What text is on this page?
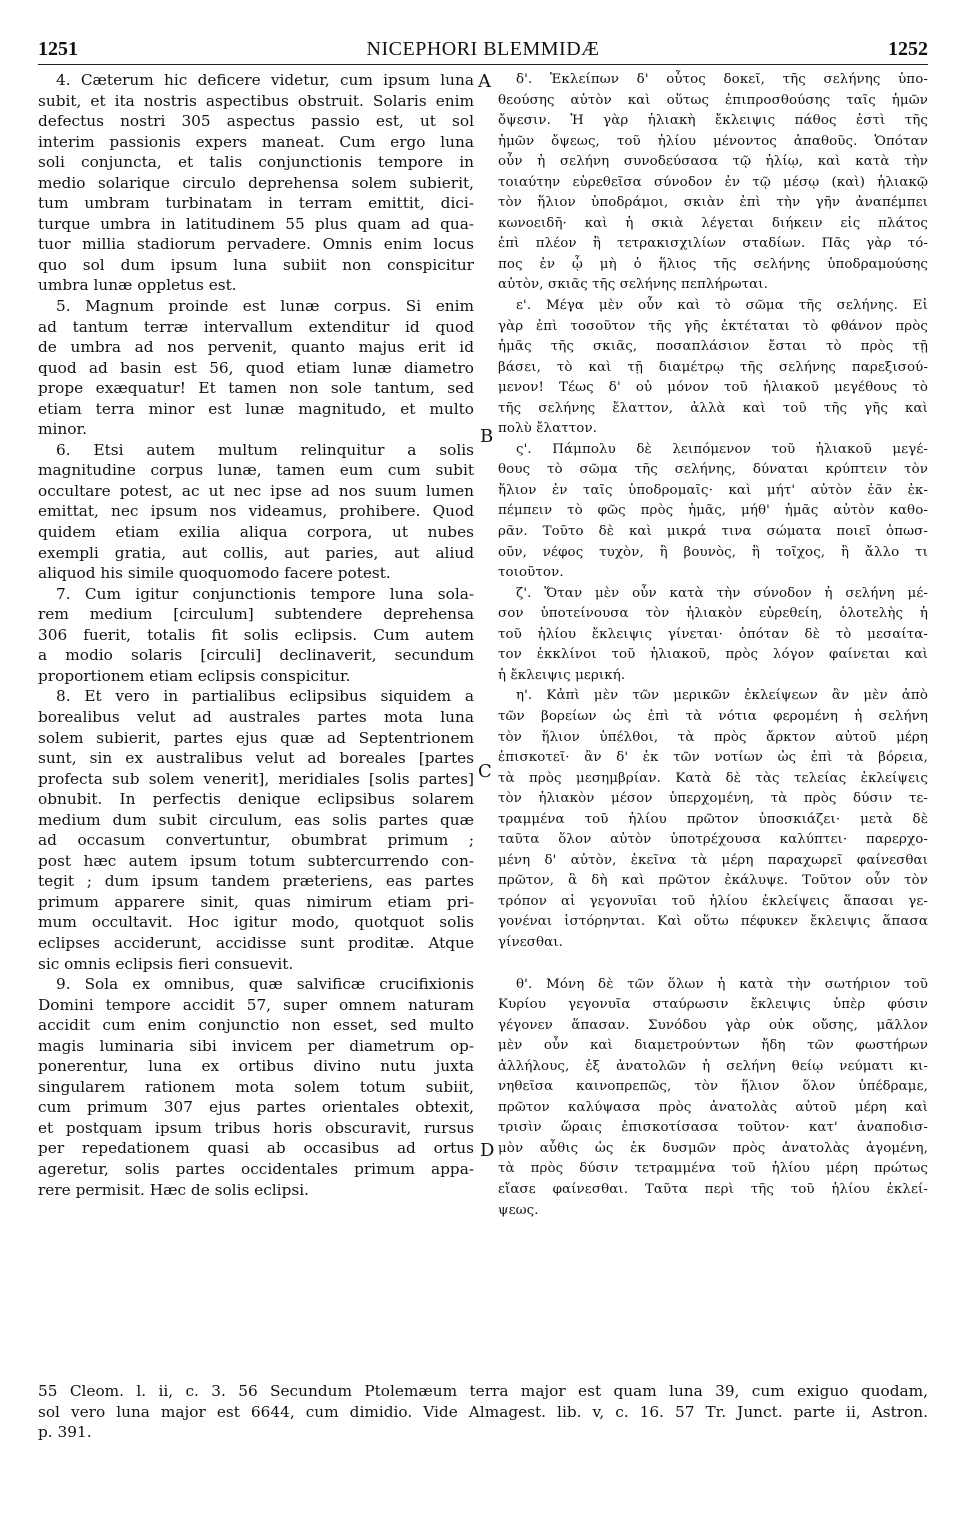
1251	NICEPHORI BLEMMIDÆ	1252
4. Cæterum hic deficere videtur, cum ipsum luna
subit, et ita nostris aspectibus obstruit. Solaris enim
defectus nostri 305 aspectus passio est, ut sol
interim passionis expers maneat. Cum ergo luna
soli conjuncta, et talis conjunctionis tempore in
medio solarique circulo deprehensa solem subierit,
tum umbram turbinatam in terram emittit, dici-
turque umbra in latitudinem 55 plus quam ad qua-
tuor millia stadiorum pervadere. Omnis enim locus
quo sol dum ipsum luna subiit non conspicitur
umbra lunæ oppletus est.
5. Magnum proinde est lunæ corpus. Si enim
ad tantum terræ intervallum extenditur id quod
de umbra ad nos pervenit, quanto majus erit id
quod ad basin est 56, quod etiam lunæ diametro
prope exæquatur! Et tamen non sole tantum, sed
etiam terra minor est lunæ magnitudo, et multo
minor.
6. Etsi autem multum relinquitur a solis
magnitudine corpus lunæ, tamen eum cum subit
occultare potest, ac ut nec ipse ad nos suum lumen
emittat, nec ipsum nos videamus, prohibere. Quod
quidem etiam exilia aliqua corpora, ut nubes
exempli gratia, aut collis, aut paries, aut aliud
aliquod his simile quoquomodo facere potest.
7. Cum igitur conjunctionis tempore luna sola-
rem medium [circulum] subtendere deprehensa
306 fuerit, totalis fit solis eclipsis. Cum autem
a modio solaris [circuli] declinaverit, secundum
proportionem etiam eclipsis conspicitur.
8. Et vero in partialibus eclipsibus siquidem a
borealibus velut ad australes partes mota luna
solem subierit, partes ejus quæ ad Septentrionem
sunt, sin ex australibus velut ad boreales [partes
profecta sub solem venerit], meridiales [solis partes]
obnubit. In perfectis denique eclipsibus solarem
medium dum subit circulum, eas solis partes quæ
ad occasum convertuntur, obumbrat primum ;
post hæc autem ipsum totum subtercurrendo con-
tegit ; dum ipsum tandem præteriens, eas partes
primum apparere sinit, quas nimirum etiam pri-
mum occultavit. Hoc igitur modo, quotquot solis
eclipses acciderunt, accidisse sunt proditæ. Atque
sic omnis eclipsis fieri consuevit.
9. Sola ex omnibus, quæ salvificæ crucifixionis
Domini tempore accidit 57, super omnem naturam
accidit cum enim conjunctio non esset, sed multo
magis luminaria sibi invicem per diametrum op-
ponerentur, luna ex ortibus divino nutu juxta
singularem rationem mota solem totum subiit,
cum primum 307 ejus partes orientales obtexit,
et postquam ipsum tribus horis obscuravit, rursus
per repedationem quasi ab occasibus ad ortus
ageretur, solis partes occidentales primum appa-
rere permisit. Hæc de solis eclipsi.
δ'. Ἐκλείπων δ' οὗτος δοκεῖ, τῆς σελήνης ὑπο-
θεούσης αὐτὸν καὶ οὕτως ἐπιπροσθούσης ταῖς ἡμῶν
ὄψεσιν. Ἡ γὰρ ἡλιακὴ ἔκλειψις πάθος ἐστὶ τῆς
ἡμῶν ὄψεως, τοῦ ἡλίου μένοντος ἀπαθοῦς. Ὁπόταν
οὖν ἡ σελήνη συνοδεύσασα τῷ ἡλίῳ, καὶ κατὰ τὴν
τοιαύτην εὑρεθεῖσα σύνοδον ἐν τῷ μέσῳ (καὶ) ἡλιακῷ
τὸν ἥλιον ὑποδράμοι, σκιὰν ἐπὶ τὴν γῆν ἀναπέμπει
κωνοειδῆ· καὶ ἡ σκιὰ λέγεται διήκειν εἰς πλάτος
ἐπὶ πλέον ἢ τετρακισχιλίων σταδίων. Πᾶς γὰρ τό-
πος ἐν ᾧ μὴ ὁ ἥλιος τῆς σελήνης ὑποδραμούσης
αὐτὸν, σκιᾶς τῆς σελήνης πεπλήρωται.
ε'. Μέγα μὲν οὖν καὶ τὸ σῶμα τῆς σελήνης. Εἰ
γὰρ ἐπὶ τοσοῦτον τῆς γῆς ἐκτέταται τὸ φθάνον πρὸς
ἡμᾶς τῆς σκιᾶς, ποσαπλάσιον ἔσται τὸ πρὸς τῇ
βάσει, τὸ καὶ τῇ διαμέτρῳ τῆς σελήνης παρεξισού-
μενον! Τέως δ' οὐ μόνον τοῦ ἡλιακοῦ μεγέθους τὸ
τῆς σελήνης ἔλαττον, ἀλλὰ καὶ τοῦ τῆς γῆς καὶ
πολὺ ἔλαττον.
ς'. Πάμπολυ δὲ λειπόμενον τοῦ ἡλιακοῦ μεγέ-
θους τὸ σῶμα τῆς σελήνης, δύναται κρύπτειν τὸν
ἥλιον ἐν ταῖς ὑποδρομαῖς· καὶ μήτ' αὐτὸν ἐᾶν ἐκ-
πέμπειν τὸ φῶς πρὸς ἡμᾶς, μήθ' ἡμᾶς αὐτὸν καθο-
ρᾶν. Τοῦτο δὲ καὶ μικρά τινα σώματα ποιεῖ ὁπωσ-
οῦν, νέφος τυχὸν, ἢ βουνὸς, ἢ τοῖχος, ἢ ἄλλο τι
τοιοῦτον.
ζ'. Ὅταν μὲν οὖν κατὰ τὴν σύνοδον ἡ σελήνη μέ-
σον ὑποτείνουσα τὸν ἡλιακὸν εὑρεθείη, ὁλοτελὴς ἡ
τοῦ ἡλίου ἔκλειψις γίνεται· ὁπόταν δὲ τὸ μεσαίτα-
τον ἐκκλίνοι τοῦ ἡλιακοῦ, πρὸς λόγον φαίνεται καὶ
ἡ ἔκλειψις μερική.
η'. Κἀπὶ μὲν τῶν μερικῶν ἐκλείψεων ἂν μὲν ἀπὸ
τῶν βορείων ὡς ἐπὶ τὰ νότια φερομένη ἡ σελήνη
τὸν ἥλιον ὑπέλθοι, τὰ πρὸς ἄρκτον αὐτοῦ μέρη
ἐπισκοτεῖ· ἂν δ' ἐκ τῶν νοτίων ὡς ἐπὶ τὰ βόρεια,
τὰ πρὸς μεσημβρίαν. Κατὰ δὲ τὰς τελείας ἐκλείψεις
τὸν ἡλιακὸν μέσον ὑπερχομένη, τὰ πρὸς δύσιν τε-
τραμμένα τοῦ ἡλίου πρῶτον ὑποσκιάζει· μετὰ δὲ
ταῦτα ὅλον αὐτὸν ὑποτρέχουσα καλύπτει· παρερχο-
μένη δ' αὐτὸν, ἐκεῖνα τὰ μέρη παραχωρεῖ φαίνεσθαι
πρῶτον, ἃ δὴ καὶ πρῶτον ἐκάλυψε. Τοῦτον οὖν τὸν
τρόπον αἱ γεγονυῖαι τοῦ ἡλίου ἐκλείψεις ἅπασαι γε-
γονέναι ἱστόρηνται. Καὶ οὕτω πέφυκεν ἔκλειψις ἅπασα
γίνεσθαι.
θ'. Μόνη δὲ τῶν ὅλων ἡ κατὰ τὴν σωτήριον τοῦ
Κυρίου γεγονυῖα σταύρωσιν ἔκλειψις ὑπὲρ φύσιν
γέγονεν ἅπασαν. Συνόδου γὰρ οὐκ οὔσης, μᾶλλον
μὲν οὖν καὶ διαμετρούντων ἤδη τῶν φωστήρων
ἀλλήλους, ἐξ ἀνατολῶν ἡ σελήνη θείῳ νεύματι κι-
νηθεῖσα καινοπρεπῶς, τὸν ἥλιον ὅλον ὑπέδραμε,
πρῶτον καλύψασα πρὸς ἀνατολὰς αὐτοῦ μέρη καὶ
τρισὶν ὥραις ἐπισκοτίσασα τοῦτον· κατ' ἀναποδισ-
μὸν αὖθις ὡς ἐκ δυσμῶν πρὸς ἀνατολὰς ἀγομένη,
τὰ πρὸς δύσιν τετραμμένα τοῦ ἡλίου μέρη πρώτως
εἴασε φαίνεσθαι. Ταῦτα περὶ τῆς τοῦ ἡλίου ἐκλεί-
ψεως.
A
B
C
D
55 Cleom. l. ii, c. 3. 56 Secundum Ptolemæum terra major est quam luna 39, cum exiguo quodam,
sol vero luna major est 6644, cum dimidio. Vide Almagest. lib. v, c. 16. 57 Tr. Junct. parte ii, Astron.
p. 391.
